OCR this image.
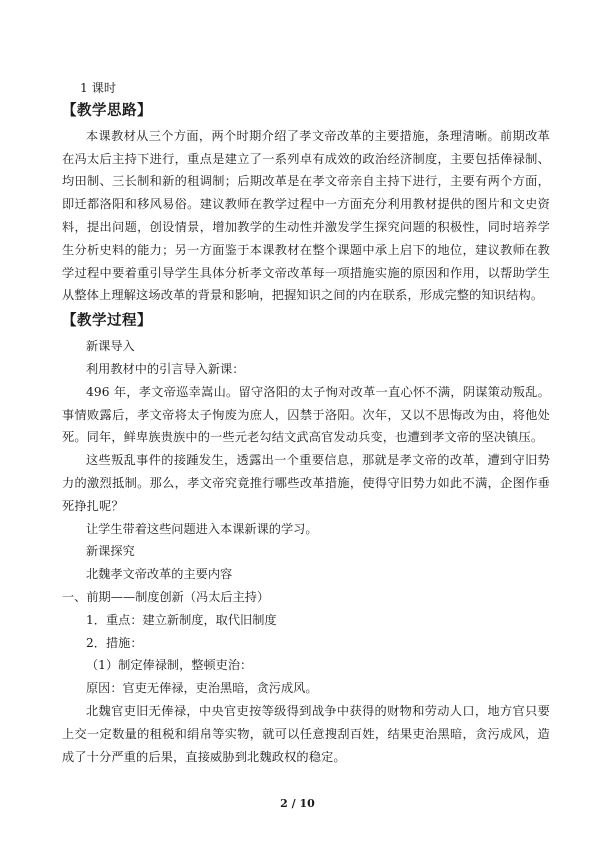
1 课时

【教学思路】

本课教材从三个方面，两个时期介绍了孝文帝改革的主要措施，条理清晰。前期改革在冯太后主持下进行，重点是建立了一系列卓有成效的政治经济制度，主要包括俸禄制、均田制、三长制和新的租调制；后期改革是在孝文帝亲自主持下进行，主要有两个方面，即迁都洛阳和移风易俗。建议教师在教学过程中一方面充分利用教材提供的图片和文史资料，提出问题，创设情景，增加教学的生动性并激发学生探究问题的积极性，同时培养学生分析史料的能力；另一方面鉴于本课教材在整个课题中承上启下的地位，建议教师在教学过程中要着重引导学生具体分析孝文帝改革每一项措施实施的原因和作用，以帮助学生从整体上理解这场改革的背景和影响，把握知识之间的内在联系，形成完整的知识结构。

【教学过程】

新课导入

利用教材中的引言导入新课：

496 年，孝文帝巡幸嵩山。留守洛阳的太子恂对改革一直心怀不满，阴谋策动叛乱。事情败露后，孝文帝将太子恂废为庶人，囚禁于洛阳。次年，又以不思悔改为由，将他处死。同年，鲜卑族贵族中的一些元老勾结文武高官发动兵变，也遭到孝文帝的坚决镇压。

这些叛乱事件的接踵发生，透露出一个重要信息，那就是孝文帝的改革，遭到守旧势力的激烈抵制。那么，孝文帝究竟推行哪些改革措施，使得守旧势力如此不满，企图作垂死挣扎呢？

让学生带着这些问题进入本课新课的学习。

新课探究

北魏孝文帝改革的主要内容

一、前期——制度创新（冯太后主持）

1．重点：建立新制度，取代旧制度

2．措施：

（1）制定俸禄制，整顿吏治：

原因：官吏无俸禄，吏治黑暗，贪污成风。

北魏官吏旧无俸禄，中央官吏按等级得到战争中获得的财物和劳动人口，地方官只要上交一定数量的租税和绢帛等实物，就可以任意搜刮百姓，结果吏治黑暗，贪污成风，造成了十分严重的后果，直接威胁到北魏政权的稳定。

2 / 10
